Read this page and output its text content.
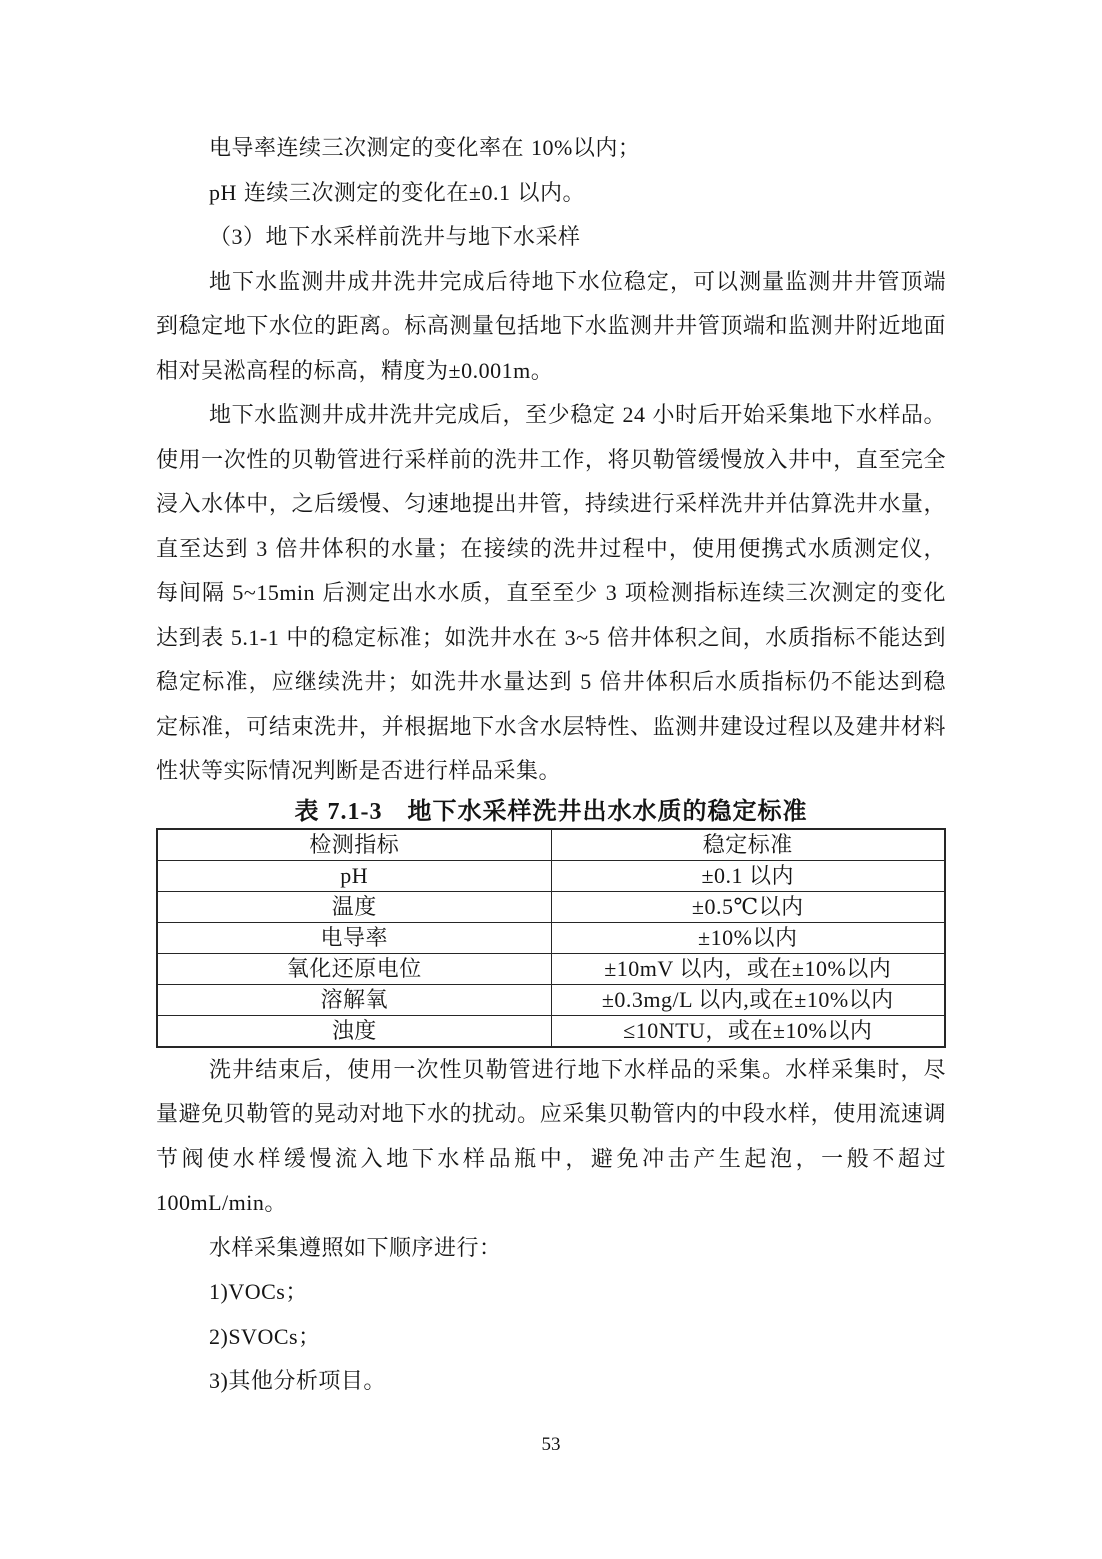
电导率连续三次测定的变化率在 10%以内；

pH 连续三次测定的变化在±0.1 以内。

（3）地下水采样前洗井与地下水采样

地下水监测井成井洗井完成后待地下水位稳定，可以测量监测井井管顶端到稳定地下水位的距离。标高测量包括地下水监测井井管顶端和监测井附近地面相对吴淞高程的标高，精度为±0.001m。

地下水监测井成井洗井完成后，至少稳定 24 小时后开始采集地下水样品。使用一次性的贝勒管进行采样前的洗井工作，将贝勒管缓慢放入井中，直至完全浸入水体中，之后缓慢、匀速地提出井管，持续进行采样洗井并估算洗井水量，直至达到 3 倍井体积的水量；在接续的洗井过程中，使用便携式水质测定仪，每间隔 5~15min 后测定出水水质，直至至少 3 项检测指标连续三次测定的变化达到表 5.1-1 中的稳定标准；如洗井水在 3~5 倍井体积之间，水质指标不能达到稳定标准，应继续洗井；如洗井水量达到 5 倍井体积后水质指标仍不能达到稳定标准，可结束洗井，并根据地下水含水层特性、监测井建设过程以及建井材料性状等实际情况判断是否进行样品采集。

表 7.1-3　地下水采样洗井出水水质的稳定标准

检测指标	稳定标准
pH	±0.1 以内
温度	±0.5℃以内
电导率	±10%以内
氧化还原电位	±10mV 以内，或在±10%以内
溶解氧	±0.3mg/L 以内,或在±10%以内
浊度	≤10NTU，或在±10%以内

洗井结束后，使用一次性贝勒管进行地下水样品的采集。水样采集时，尽量避免贝勒管的晃动对地下水的扰动。应采集贝勒管内的中段水样，使用流速调节阀使水样缓慢流入地下水样品瓶中，避免冲击产生起泡，一般不超过 100mL/min。

水样采集遵照如下顺序进行：

1)VOCs；

2)SVOCs；

3)其他分析项目。

53
